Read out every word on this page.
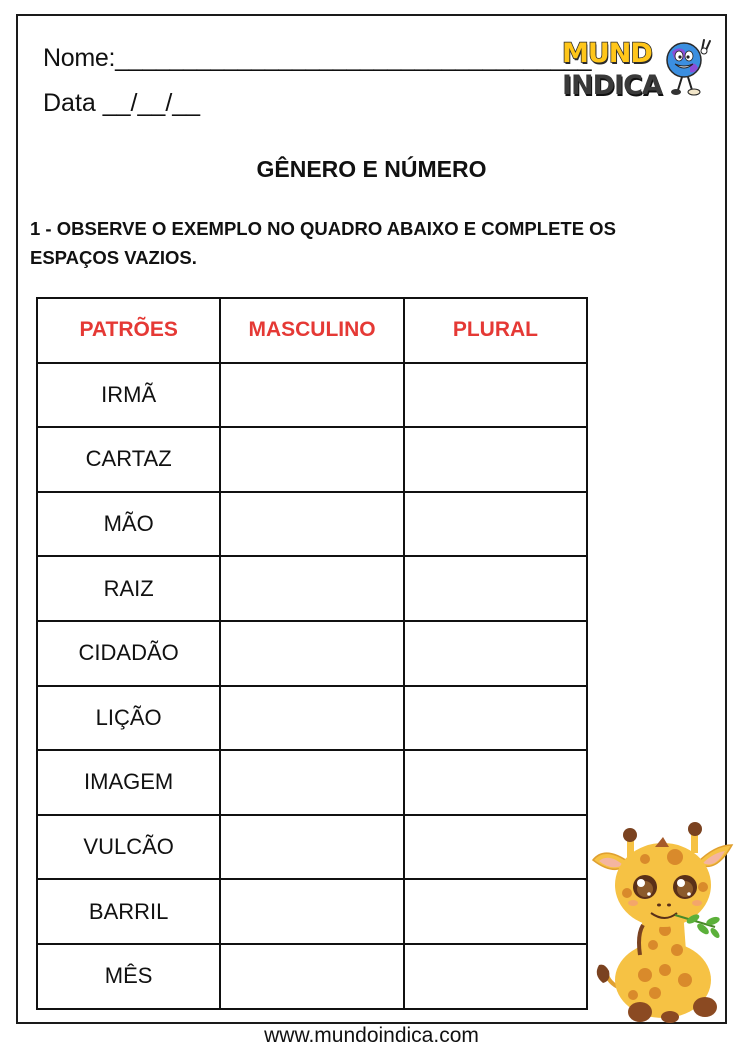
Nome:___________________________________
Data __/__/__
MUND
INDICA
GÊNERO E NÚMERO
1 - OBSERVE O EXEMPLO NO QUADRO ABAIXO E COMPLETE OS ESPAÇOS VAZIOS.
PATRÕES	MASCULINO	PLURAL
IRMÃ		
CARTAZ		
MÃO		
RAIZ		
CIDADÃO		
LIÇÃO		
IMAGEM		
VULCÃO		
BARRIL		
MÊS		
www.mundoindica.com
